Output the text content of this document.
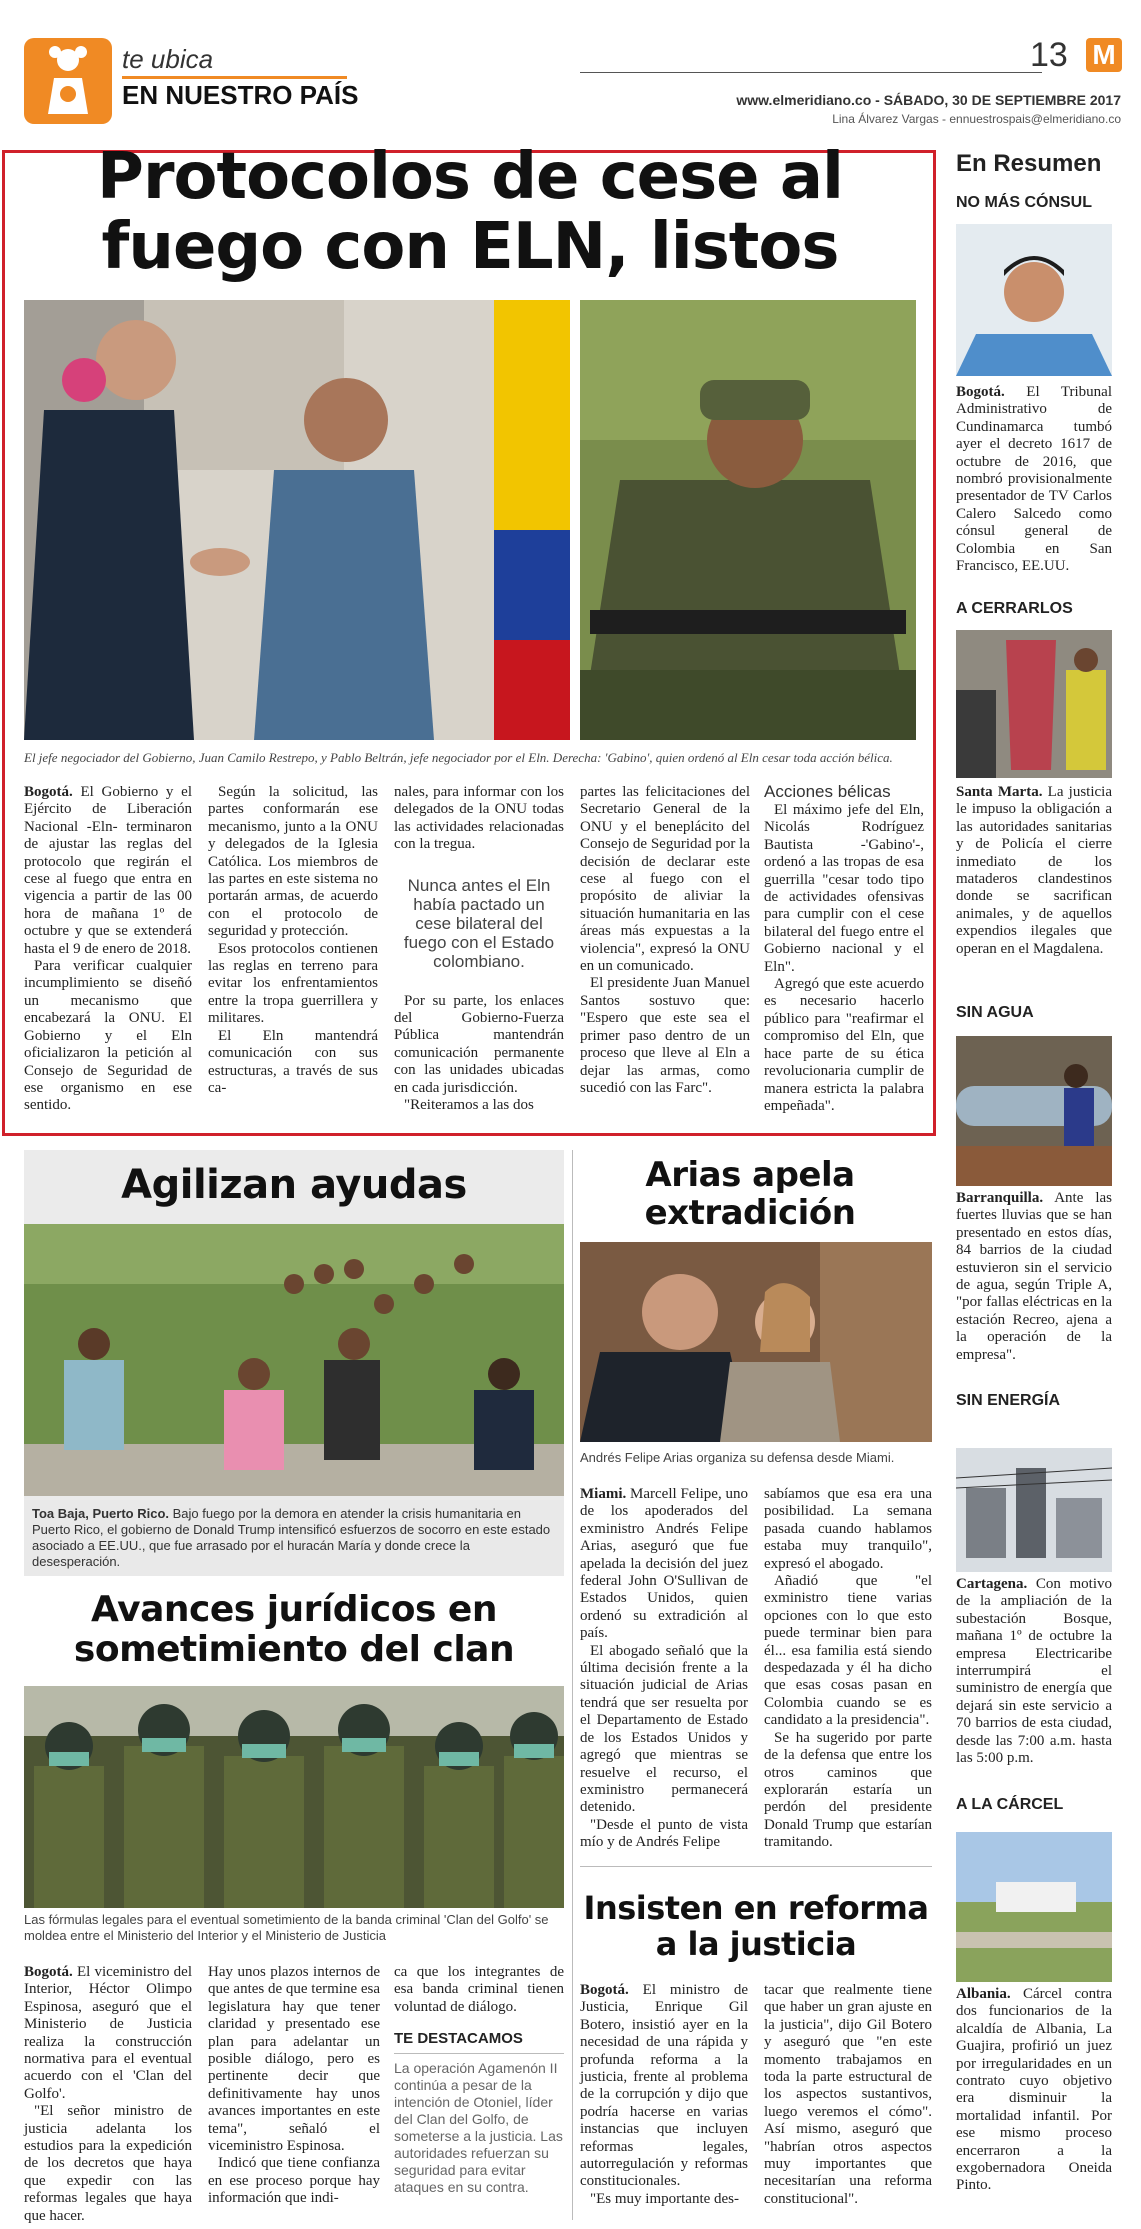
te ubica
EN NUESTRO PAÍS
13 M
www.elmeridiano.co - SÁBADO, 30 DE SEPTIEMBRE 2017
Lina Álvarez Vargas - ennuestrospais@elmeridiano.co
Protocolos de cese al fuego con ELN, listos
El jefe negociador del Gobierno, Juan Camilo Restrepo, y Pablo Beltrán, jefe negociador por el Eln. Derecha: 'Gabino', quien ordenó al Eln cesar toda acción bélica.
Bogotá. El Gobierno y el Ejército de Liberación Nacional -Eln- terminaron de ajustar las reglas del protocolo que regirán el cese al fuego que entra en vigencia a partir de las 00 hora de mañana 1º de octubre y que se extenderá hasta el 9 de enero de 2018.

Para verificar cualquier incumplimiento se diseñó un mecanismo que encabezará la ONU. El Gobierno y el Eln oficializaron la petición al Consejo de Seguridad de ese organismo en ese sentido.

Según la solicitud, las partes conformarán ese mecanismo, junto a la ONU y delegados de la Iglesia Católica. Los miembros de las partes en este sistema no portarán armas, de acuerdo con el protocolo de seguridad y protección.

Esos protocolos contienen las reglas en terreno para evitar los enfrentamientos entre la tropa guerrillera y militares.

El Eln mantendrá comunicación con sus estructuras, a través de sus ca-

nales, para informar con los delegados de la ONU todas las actividades relacionadas con la tregua.

Nunca antes el Eln había pactado un cese bilateral del fuego con el Estado colombiano.

Por su parte, los enlaces del Gobierno-Fuerza Pública mantendrán comunicación permanente con las unidades ubicadas en cada jurisdicción.

"Reiteramos a las dos

partes las felicitaciones del Secretario General de la ONU y el beneplácito del Consejo de Seguridad por la decisión de declarar este cese al fuego con el propósito de aliviar la situación humanitaria en las áreas más expuestas a la violencia", expresó la ONU en un comunicado.

El presidente Juan Manuel Santos sostuvo que: "Espero que este sea el primer paso dentro de un proceso que lleve al Eln a dejar las armas, como sucedió con las Farc".

Acciones bélicas

El máximo jefe del Eln, Nicolás Rodríguez Bautista -'Gabino'-, ordenó a las tropas de esa guerrilla "cesar todo tipo de actividades ofensivas para cumplir con el cese bilateral del fuego entre el Gobierno nacional y el Eln".

Agregó que este acuerdo es necesario hacerlo público para "reafirmar el compromiso del Eln, que hace parte de su ética revolucionaria cumplir de manera estricta la palabra empeñada".

Agilizan ayudas
Toa Baja, Puerto Rico. Bajo fuego por la demora en atender la crisis humanitaria en Puerto Rico, el gobierno de Donald Trump intensificó esfuerzos de socorro en este estado asociado a EE.UU., que fue arrasado por el huracán María y donde crece la desesperación.
Arias apela extradición
Andrés Felipe Arias organiza su defensa desde Miami.
Miami. Marcell Felipe, uno de los apoderados del exministro Andrés Felipe Arias, aseguró que fue apelada la decisión del juez federal John O'Sullivan de Estados Unidos, quien ordenó su extradición al país.

El abogado señaló que la última decisión frente a la situación judicial de Arias tendrá que ser resuelta por el Departamento de Estado de los Estados Unidos y agregó que mientras se resuelve el recurso, el exministro permanecerá detenido.

"Desde el punto de vista mío y de Andrés Felipe

sabíamos que esa era una posibilidad. La semana pasada cuando hablamos estaba muy tranquilo", expresó el abogado.

Añadió que "el exministro tiene varias opciones con lo que esto puede terminar bien para él... esa familia está siendo despedazada y él ha dicho que esas cosas pasan en Colombia cuando se es candidato a la presidencia".

Se ha sugerido por parte de la defensa que entre los otros caminos que explorarán estaría un perdón del presidente Donald Trump que estarían tramitando.

Avances jurídicos en sometimiento del clan
Las fórmulas legales para el eventual sometimiento de la banda criminal 'Clan del Golfo' se moldea entre el Ministerio del Interior y el Ministerio de Justicia
Bogotá. El viceministro del Interior, Héctor Olimpo Espinosa, aseguró que el Ministerio de Justicia realiza la construcción normativa para el eventual acuerdo con el 'Clan del Golfo'.

"El señor ministro de justicia adelanta los estudios para la expedición de los decretos que haya que expedir con las reformas legales que haya que hacer.

Hay unos plazos internos de que antes de que termine esa legislatura hay que tener claridad y presentado ese plan para adelantar un posible diálogo, pero es pertinente decir que definitivamente hay unos avances importantes en este tema", señaló el viceministro Espinosa.

Indicó que tiene confianza en ese proceso porque hay información que indi-

ca que los integrantes de esa banda criminal tienen voluntad de diálogo.

TE DESTACAMOS

La operación Agamenón II continúa a pesar de la intención de Otoniel, líder del Clan del Golfo, de someterse a la justicia. Las autoridades refuerzan su seguridad para evitar ataques en su contra.

Insisten en reforma a la justicia
Bogotá. El ministro de Justicia, Enrique Gil Botero, insistió ayer en la necesidad de una rápida y profunda reforma a la justicia, frente al problema de la corrupción y dijo que podría hacerse en varias instancias que incluyen reformas legales, autorregulación y reformas constitucionales.

"Es muy importante des-

tacar que realmente tiene que haber un gran ajuste en la justicia", dijo Gil Botero y aseguró que "en este momento trabajamos en toda la parte estructural de los aspectos sustantivos, luego veremos el cómo". Así mismo, aseguró que "habrían otros aspectos muy importantes que necesitarían una reforma constitucional".
En Resumen
NO MÁS CÓNSUL
Bogotá. El Tribunal Administrativo de Cundinamarca tumbó ayer el decreto 1617 de octubre de 2016, que nombró provisionalmente presentador de TV Carlos Calero Salcedo como cónsul general de Colombia en San Francisco, EE.UU.
A CERRARLOS
Santa Marta. La justicia le impuso la obligación a las autoridades sanitarias y de Policía el cierre inmediato de los mataderos clandestinos donde se sacrifican animales, y de aquellos expendios ilegales que operan en el Magdalena.
SIN AGUA
Barranquilla. Ante las fuertes lluvias que se han presentado en estos días, 84 barrios de la ciudad estuvieron sin el servicio de agua, según Triple A, "por fallas eléctricas en la estación Recreo, ajena a la operación de la empresa".
SIN ENERGÍA
Cartagena. Con motivo de la ampliación de la subestación Bosque, mañana 1º de octubre la empresa Electricaribe interrumpirá el suministro de energía que dejará sin este servicio a 70 barrios de esta ciudad, desde las 7:00 a.m. hasta las 5:00 p.m.
A LA CÁRCEL
Albania. Cárcel contra dos funcionarios de la alcaldía de Albania, La Guajira, profirió un juez por irregularidades en un contrato cuyo objetivo era disminuir la mortalidad infantil. Por ese mismo proceso encerraron a la exgobernadora Oneida Pinto.
